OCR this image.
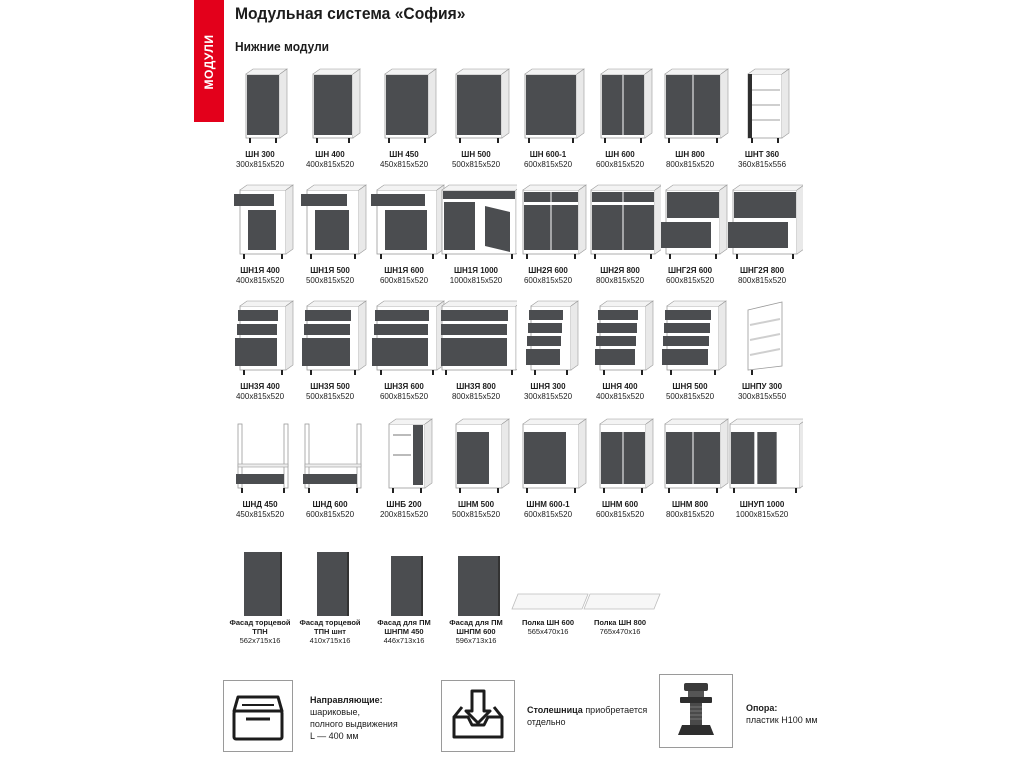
МОДУЛИ
Модульная система «София»
Нижние модули
ШН 300
300x815x520
ШН 400
400x815x520
ШН 450
450x815x520
ШН 500
500x815x520
ШН 600-1
600x815x520
ШН 600
600x815x520
ШН 800
800x815x520
ШНТ 360
360x815x556
ШН1Я 400
400x815x520
ШН1Я 500
500x815x520
ШН1Я 600
600x815x520
ШН1Я 1000
1000x815x520
ШН2Я 600
600x815x520
ШН2Я 800
800x815x520
ШНГ2Я 600
600x815x520
ШНГ2Я 800
800x815x520
ШН3Я 400
400x815x520
ШН3Я 500
500x815x520
ШН3Я 600
600x815x520
ШН3Я 800
800x815x520
ШНЯ 300
300x815x520
ШНЯ 400
400x815x520
ШНЯ 500
500x815x520
ШНПУ 300
300x815x550
ШНД 450
450x815x520
ШНД 600
600x815x520
ШНБ 200
200x815x520
ШНМ 500
500x815x520
ШНМ 600-1
600x815x520
ШНМ 600
600x815x520
ШНМ 800
800x815x520
ШНУП 1000
1000x815x520
Фасад торцевой
ТПН
562x715x16
Фасад торцевой
ТПН шнт
410x715x16
Фасад для ПМ
ШНПМ 450
446x713x16
Фасад для ПМ
ШНПМ 600
596x713x16
Полка ШН 600
565x470x16
Полка ШН 800
765x470x16
Направляющие:
шариковые,
полного выдвижения
L — 400 мм
Столешница приобретается
отдельно
Опора:
пластик Н100 мм
